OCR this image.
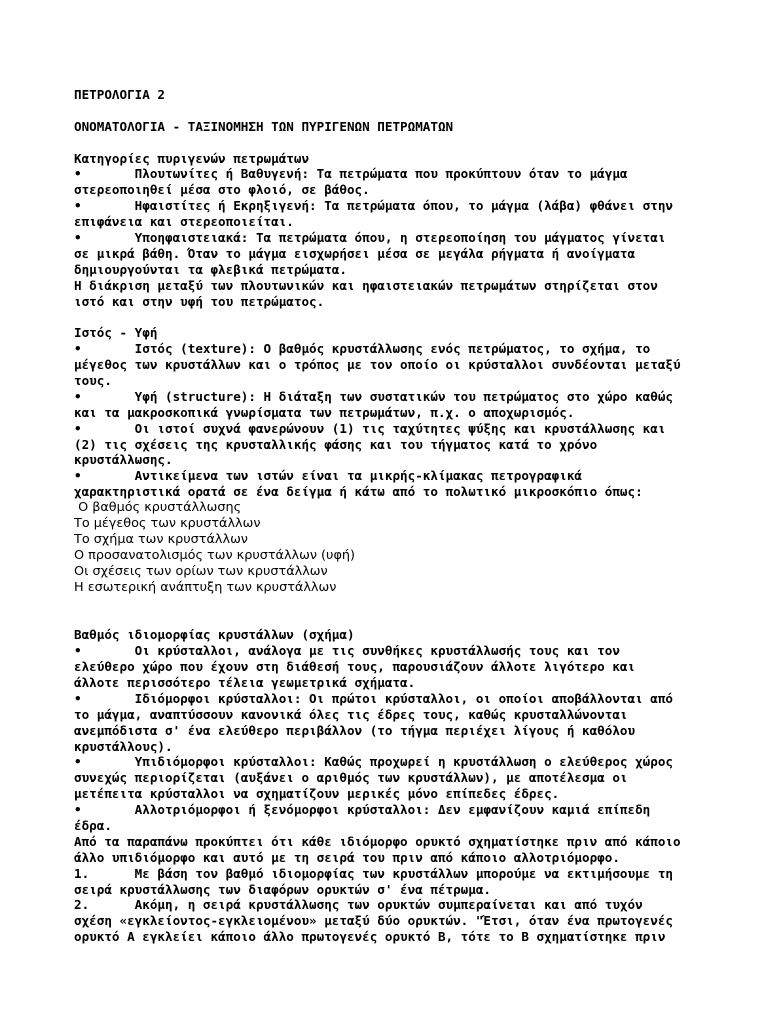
ΠΕΤΡΟΛΟΓΙΑ 2
ΟΝΟΜΑΤΟΛΟΓΙΑ - ΤΑΞΙΝΟΜΗΣΗ ΤΩΝ ΠΥΡΙΓΕΝΩΝ ΠΕΤΡΩΜΑΤΩΝ
Κατηγορίες πυριγενών πετρωμάτων
•       Πλουτωνίτες ή Βαθυγενή: Τα πετρώματα που προκύπτουν όταν το μάγμα
στερεοποιηθεί μέσα στο φλοιό, σε βάθος.
•       Ηφαιστίτες ή Εκρηξιγενή: Τα πετρώματα όπου, το μάγμα (λάβα) φθάνει στην
επιφάνεια και στερεοποιείται.
•       Υποηφαιστειακά: Τα πετρώματα όπου, η στερεοποίηση του μάγματος γίνεται
σε μικρά βάθη. Όταν το μάγμα εισχωρήσει μέσα σε μεγάλα ρήγματα ή ανοίγματα
δημιουργούνται τα φλεβικά πετρώματα.
Η διάκριση μεταξύ των πλουτωνικών και ηφαιστειακών πετρωμάτων στηρίζεται στον
ιστό και στην υφή του πετρώματος.
Ιστός - Υφή
•       Ιστός (texture): Ο βαθμός κρυστάλλωσης ενός πετρώματος, το σχήμα, το
μέγεθος των κρυστάλλων και ο τρόπος με τον οποίο οι κρύσταλλοι συνδέονται μεταξύ
τους.
•       Υφή (structure): Η διάταξη των συστατικών του πετρώματος στο χώρο καθώς
και τα μακροσκοπικά γνωρίσματα των πετρωμάτων, π.χ. ο αποχωρισμός.
•       Οι ιστοί συχνά φανερώνουν (1) τις ταχύτητες ψύξης και κρυστάλλωσης και
(2) τις σχέσεις της κρυσταλλικής φάσης και του τήγματος κατά το χρόνο
κρυστάλλωσης.
•       Αντικείμενα των ιστών είναι τα μικρής-κλίμακας πετρογραφικά
χαρακτηριστικά ορατά σε ένα δείγμα ή κάτω από το πολωτικό μικροσκόπιο όπως:
Ο βαθμός κρυστάλλωσης
Το μέγεθος των κρυστάλλων
Το σχήμα των κρυστάλλων
Ο προσανατολισμός των κρυστάλλων (υφή)
Οι σχέσεις των ορίων των κρυστάλλων
Η εσωτερική ανάπτυξη των κρυστάλλων
Βαθμός ιδιομορφίας κρυστάλλων (σχήμα)
•       Οι κρύσταλλοι, ανάλογα με τις συνθήκες κρυστάλλωσής τους και τον
ελεύθερο χώρο που έχουν στη διάθεσή τους, παρουσιάζουν άλλοτε λιγότερο και
άλλοτε περισσότερο τέλεια γεωμετρικά σχήματα.
•       Ιδιόμορφοι κρύσταλλοι: Οι πρώτοι κρύσταλλοι, οι οποίοι αποβάλλονται από
το μάγμα, αναπτύσσουν κανονικά όλες τις έδρες τους, καθώς κρυσταλλώνονται
ανεμπόδιστα σ' ένα ελεύθερο περιβάλλον (το τήγμα περιέχει λίγους ή καθόλου
κρυστάλλους).
•       Υπιδιόμορφοι κρύσταλλοι: Καθώς προχωρεί η κρυστάλλωση ο ελεύθερος χώρος
συνεχώς περιορίζεται (αυξάνει ο αριθμός των κρυστάλλων), με αποτέλεσμα οι
μετέπειτα κρύσταλλοι να σχηματίζουν μερικές μόνο επίπεδες έδρες.
•       Αλλοτριόμορφοι ή ξενόμορφοι κρύσταλλοι: Δεν εμφανίζουν καμιά επίπεδη
έδρα.
Από τα παραπάνω προκύπτει ότι κάθε ιδιόμορφο ορυκτό σχηματίστηκε πριν από κάποιο
άλλο υπιδιόμορφο και αυτό με τη σειρά του πριν από κάποιο αλλοτριόμορφο.
1.      Με βάση τον βαθμό ιδιομορφίας των κρυστάλλων μπορούμε να εκτιμήσουμε τη
σειρά κρυστάλλωσης των διαφόρων ορυκτών σ' ένα πέτρωμα.
2.      Ακόμη, η σειρά κρυστάλλωσης των ορυκτών συμπεραίνεται και από τυχόν
σχέση «εγκλείοντος-εγκλειομένου» μεταξύ δύο ορυκτών. "Έτσι, όταν ένα πρωτογενές
ορυκτό Α εγκλείει κάποιο άλλο πρωτογενές ορυκτό Β, τότε το Β σχηματίστηκε πριν
